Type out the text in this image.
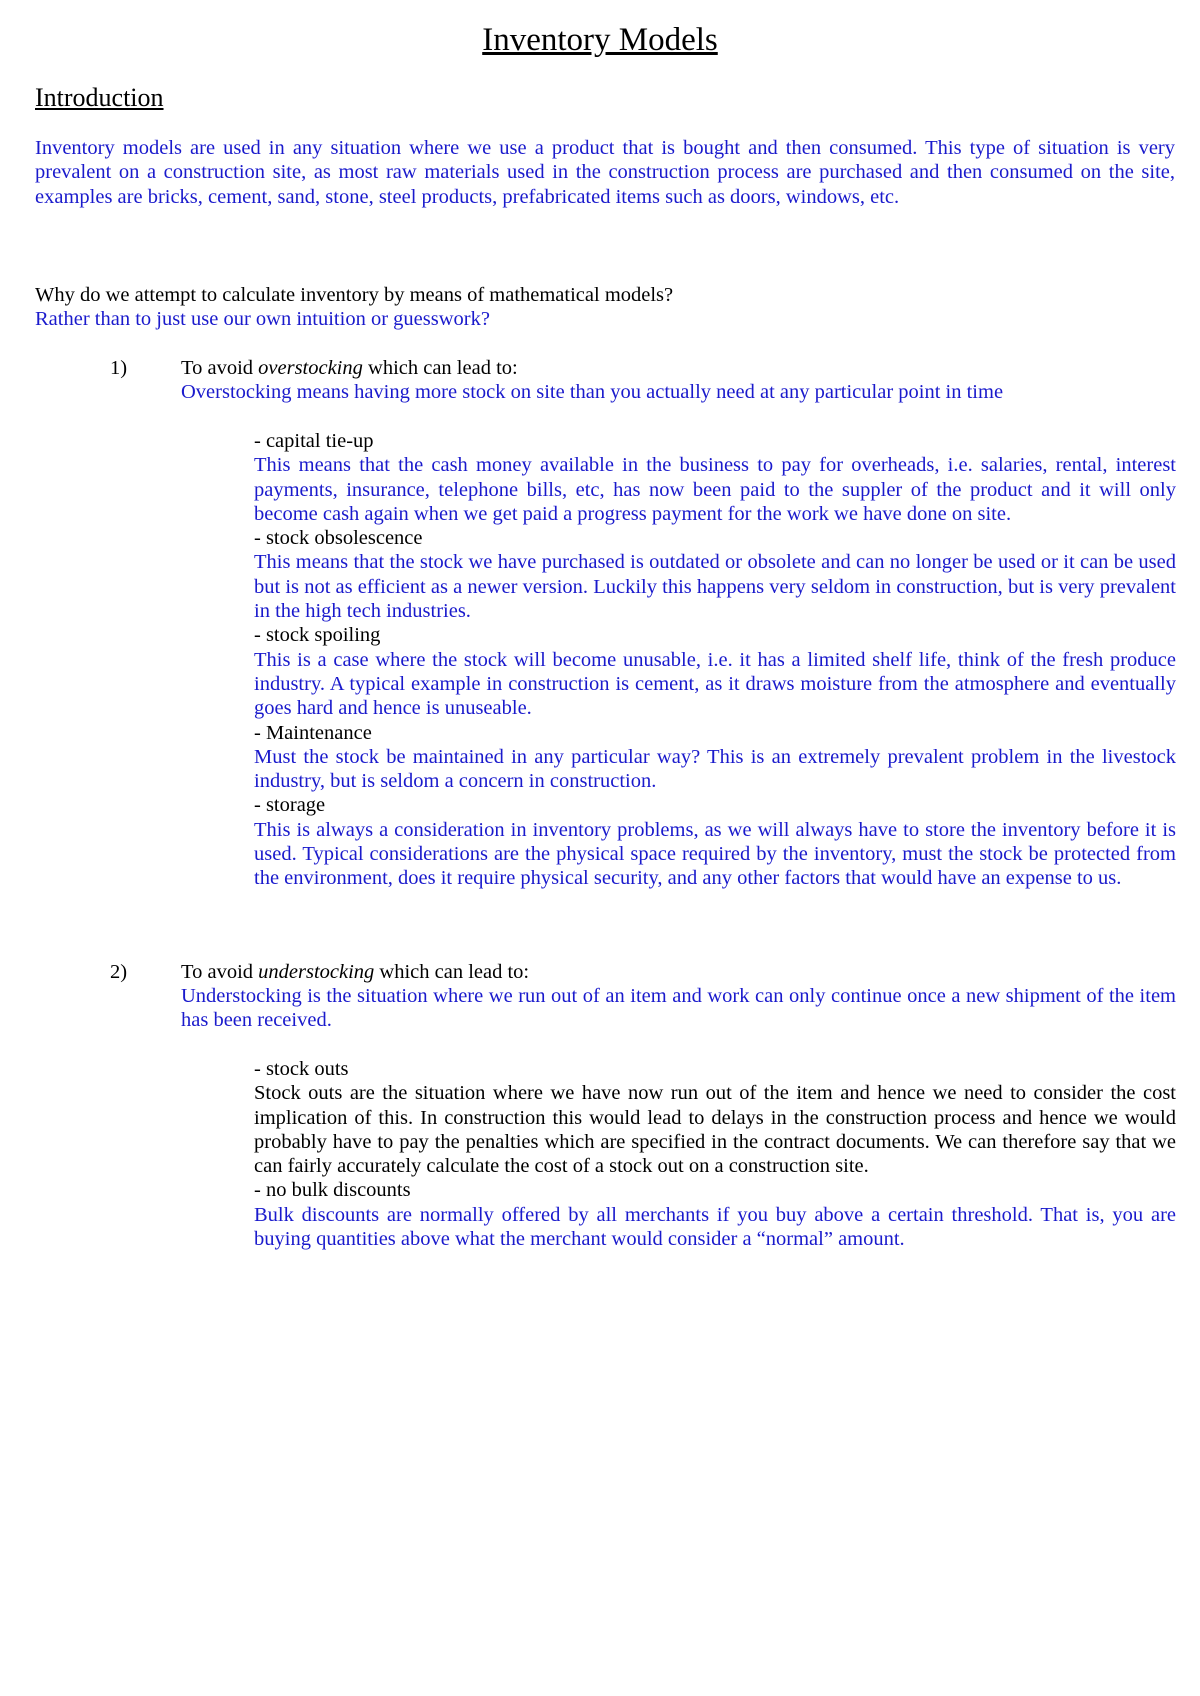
Inventory Models
Introduction
Inventory models are used in any situation where we use a product that is bought and then consumed. This type of situation is very prevalent on a construction site, as most raw materials used in the construction process are purchased and then consumed on the site, examples are bricks, cement, sand, stone, steel products, prefabricated items such as doors, windows, etc.
Why do we attempt to calculate inventory by means of mathematical models?
Rather than to just use our own intuition or guesswork?
1)	To avoid overstocking which can lead to:
Overstocking means having more stock on site than you actually need at any particular point in time

- capital tie-up

This means that the cash money available in the business to pay for overheads, i.e. salaries, rental, interest payments, insurance, telephone bills, etc, has now been paid to the suppler of the product and it will only become cash again when we get paid a progress payment for the work we have done on site.

- stock obsolescence

This means that the stock we have purchased is outdated or obsolete and can no longer be used or it can be used but is not as efficient as a newer version. Luckily this happens very seldom in construction, but is very prevalent in the high tech industries.

- stock spoiling

This is a case where the stock will become unusable, i.e. it has a limited shelf life, think of the fresh produce industry. A typical example in construction is cement, as it draws moisture from the atmosphere and eventually goes hard and hence is unuseable.

- Maintenance

Must the stock be maintained in any particular way? This is an extremely prevalent problem in the livestock industry, but is seldom a concern in construction.

- storage

This is always a consideration in inventory problems, as we will always have to store the inventory before it is used. Typical considerations are the physical space required by the inventory, must the stock be protected from the environment, does it require physical security, and any other factors that would have an expense to us.

2)	To avoid understocking which can lead to:
Understocking is the situation where we run out of an item and work can only continue once a new shipment of the item has been received.

- stock outs

Stock outs are the situation where we have now run out of the item and hence we need to consider the cost implication of this. In construction this would lead to delays in the construction process and hence we would probably have to pay the penalties which are specified in the contract documents. We can therefore say that we can fairly accurately calculate the cost of a stock out on a construction site.

- no bulk discounts

Bulk discounts are normally offered by all merchants if you buy above a certain threshold. That is, you are buying quantities above what the merchant would consider a “normal” amount.
